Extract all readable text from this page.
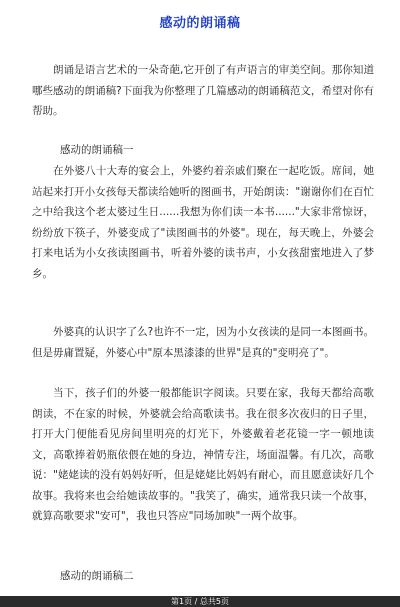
感动的朗诵稿

朗诵是语言艺术的一朵奇葩,它开创了有声语言的审美空间。那你知道哪些感动的朗诵稿?下面我为你整理了几篇感动的朗诵稿范文，希望对你有帮助。

感动的朗诵稿一

在外婆八十大寿的宴会上，外婆约着亲戚们聚在一起吃饭。席间，她站起来打开小女孩每天都读给她听的图画书，开始朗读："谢谢你们在百忙之中给我这个老太婆过生日......我想为你们读一本书......"大家非常惊讶，纷纷放下筷子，外婆变成了"读图画书的外婆"。现在，每天晚上，外婆会打来电话为小女孩读图画书，听着外婆的读书声，小女孩甜蜜地进入了梦乡。

外婆真的认识字了么?也许不一定，因为小女孩读的是同一本图画书。但是毋庸置疑，外婆心中"原本黑漆漆的世界"是真的"变明亮了"。

当下，孩子们的外婆一般都能识字阅读。只要在家，我每天都给高歌朗读，不在家的时候，外婆就会给高歌读书。我在很多次夜归的日子里，打开大门便能看见房间里明亮的灯光下，外婆戴着老花镜一字一顿地读文，高歌捧着奶瓶依偎在她的身边，神情专注，场面温馨。有几次，高歌说："姥姥读的没有妈妈好听，但是姥姥比妈妈有耐心，而且愿意读好几个故事。我将来也会给她读故事的。"我笑了，确实，通常我只读一个故事，就算高歌要求"安可"，我也只答应"同场加映"一两个故事。

感动的朗诵稿二

第1页 / 总共5页
